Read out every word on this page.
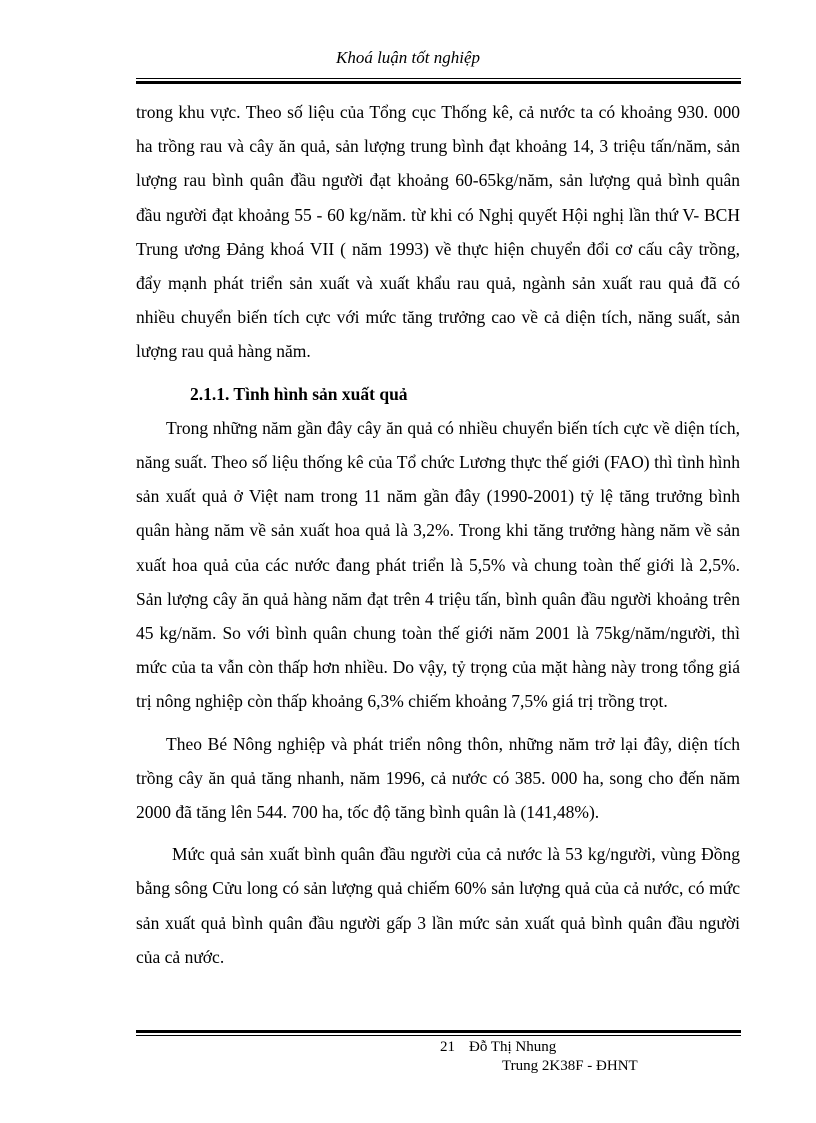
Khoá luận tốt nghiệp

trong khu vực. Theo số liệu của Tổng cục Thống kê, cả nước ta có khoảng 930. 000 ha trồng rau và cây ăn quả, sản lượng trung bình đạt khoảng 14, 3 triệu tấn/năm, sản lượng rau bình quân đầu người đạt khoảng 60-65kg/năm, sản lượng quả bình quân đầu người đạt khoảng 55 - 60 kg/năm. từ khi có Nghị quyết Hội nghị lần thứ V- BCH Trung ương Đảng khoá VII ( năm 1993) về thực hiện chuyển đổi cơ cấu cây trồng, đẩy mạnh phát triển sản xuất và xuất khẩu rau quả, ngành sản xuất rau quả đã có nhiều chuyển biến tích cực với mức tăng trưởng cao về cả diện tích, năng suất, sản lượng rau quả hàng năm.

2.1.1. Tình hình sản xuất quả

Trong những năm gần đây cây ăn quả có nhiều chuyển biến tích cực về diện tích, năng suất. Theo số liệu thống kê của Tổ chức Lương thực thế giới (FAO) thì tình hình sản xuất quả ở Việt nam trong 11 năm gần đây (1990-2001) tỷ lệ tăng trưởng bình quân hàng năm về sản xuất hoa quả là 3,2%. Trong khi tăng trưởng hàng năm về sản xuất hoa quả của các nước đang phát triển là 5,5% và chung toàn thế giới là 2,5%. Sản lượng cây ăn quả hàng năm đạt trên 4 triệu tấn, bình quân đầu người khoảng trên 45 kg/năm. So với bình quân chung toàn thế giới năm 2001 là 75kg/năm/người, thì mức của ta vẫn còn thấp hơn nhiều. Do vậy, tỷ trọng của mặt hàng này trong tổng giá trị nông nghiệp còn thấp khoảng 6,3% chiếm khoảng 7,5% giá trị trồng trọt.

Theo Bé Nông nghiệp và phát triển nông thôn, những năm trở lại đây, diện tích trồng cây ăn quả tăng nhanh, năm 1996, cả nước có 385. 000 ha, song cho đến năm 2000 đã tăng lên 544. 700 ha, tốc độ tăng bình quân là (141,48%).

Mức quả sản xuất bình quân đầu người của cả nước là 53 kg/người, vùng Đồng bằng sông Cửu long có sản lượng quả chiếm 60% sản lượng quả của cả nước, có mức sản xuất quả bình quân đầu người gấp 3 lần mức sản xuất quả bình quân đầu người của cả nước.

21 Đỗ Thị Nhung
Trung 2K38F - ĐHNT
